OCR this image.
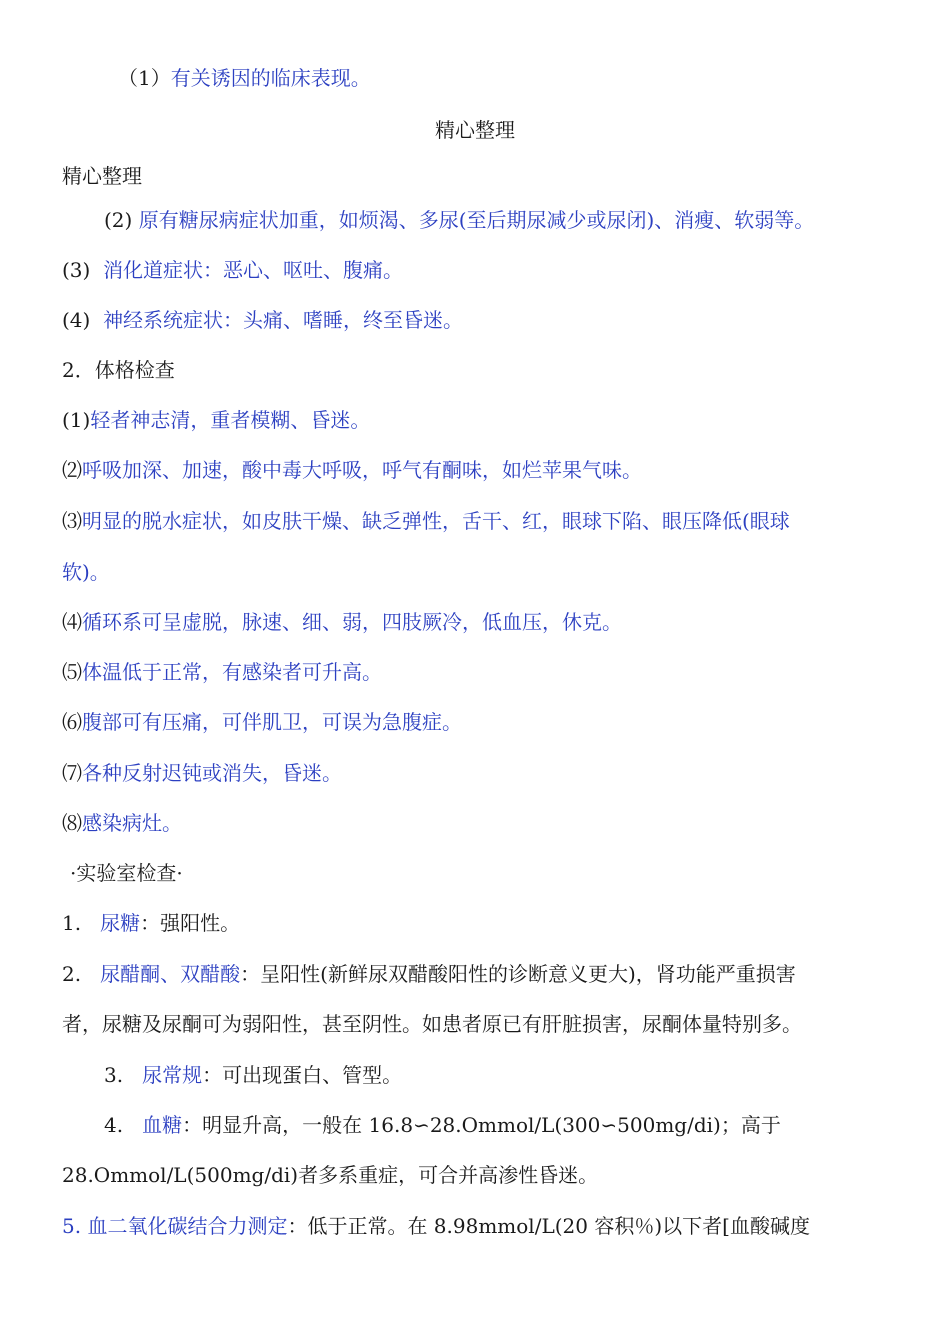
（1）有关诱因的临床表现。
精心整理
精心整理
(2) 原有糖尿病症状加重，如烦渴、多尿(至后期尿减少或尿闭)、消瘦、软弱等。
(3) 消化道症状：恶心、呕吐、腹痛。
(4) 神经系统症状：头痛、嗜睡，终至昏迷。
2．体格检查
(1)轻者神志清，重者模糊、昏迷。
⑵呼吸加深、加速，酸中毒大呼吸，呼气有酮味，如烂苹果气味。
⑶明显的脱水症状，如皮肤干燥、缺乏弹性，舌干、红，眼球下陷、眼压降低(眼球
软)。
⑷循环系可呈虚脱，脉速、细、弱，四肢厥冷，低血压，休克。
⑸体温低于正常，有感染者可升高。
⑹腹部可有压痛，可伴肌卫，可误为急腹症。
⑺各种反射迟钝或消失，昏迷。
⑻感染病灶。
·实验室检查·
1. 尿糖：强阳性。
2. 尿醋酮、双醋酸：呈阳性(新鲜尿双醋酸阳性的诊断意义更大)，肾功能严重损害
者，尿糖及尿酮可为弱阳性，甚至阴性。如患者原已有肝脏损害，尿酮体量特别多。
3. 尿常规：可出现蛋白、管型。
4. 血糖：明显升高，一般在 16.8∽28.Ommol/L(300∽500mg/di)；高于
28.Ommol/L(500mg/di)者多系重症，可合并高渗性昏迷。
5. 血二氧化碳结合力测定：低于正常。在 8.98mmol/L(20 容积％)以下者[血酸碱度
